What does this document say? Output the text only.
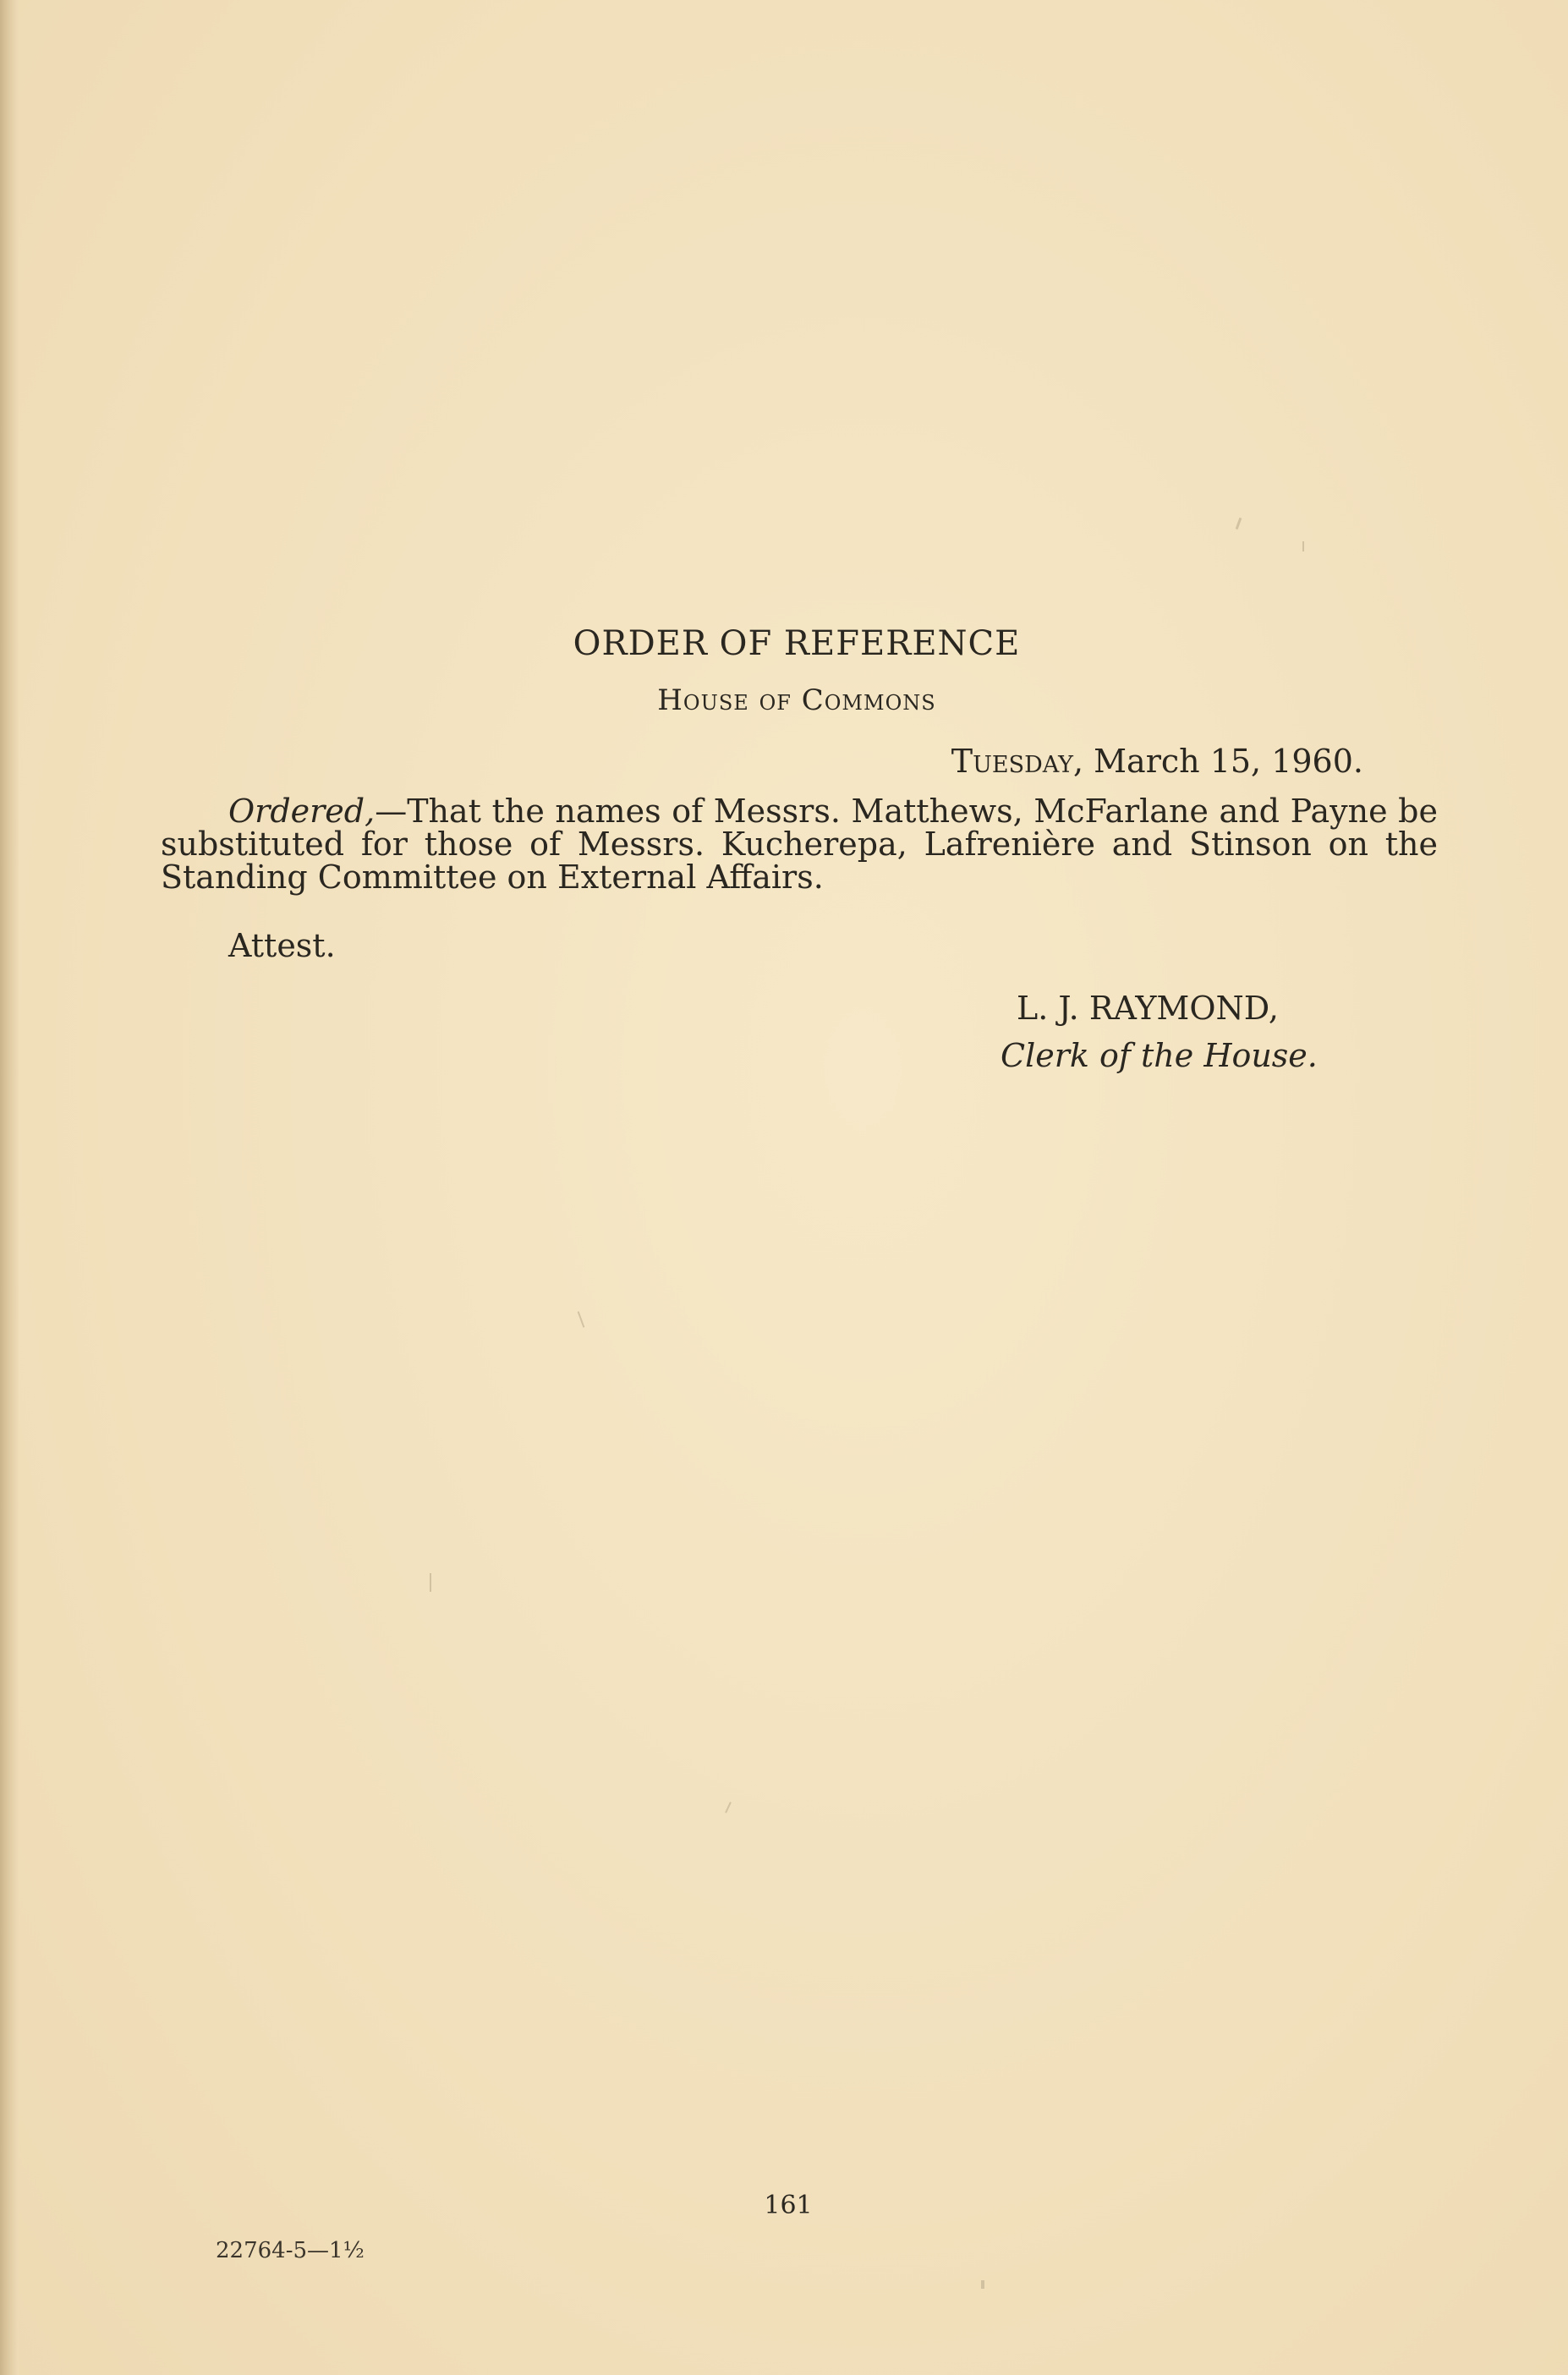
ORDER OF REFERENCE
House of Commons
Tuesday, March 15, 1960.
Ordered,—That the names of Messrs. Matthews, McFarlane and Payne be substituted for those of Messrs. Kucherepa, Lafrenière and Stinson on the Standing Committee on External Affairs.
Attest.
L. J. RAYMOND,
Clerk of the House.
161
22764-5—1½
